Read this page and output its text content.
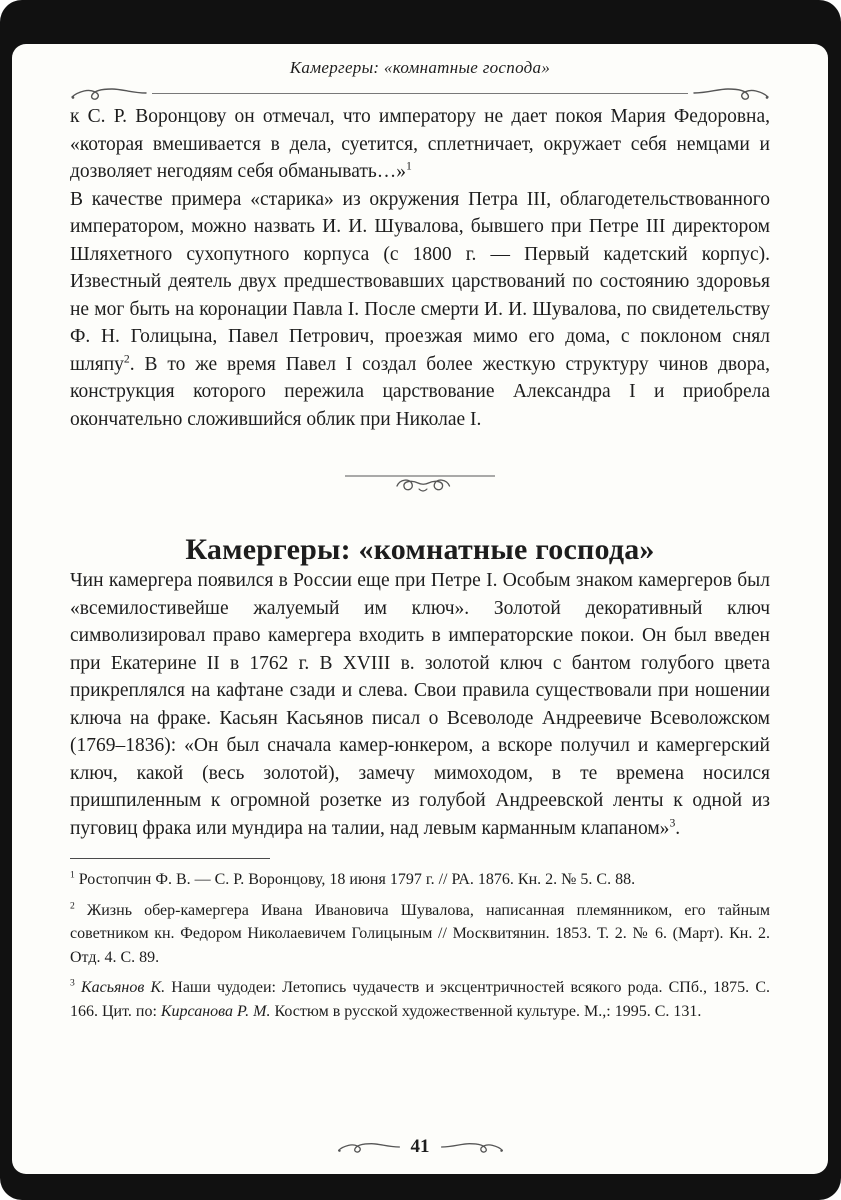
Камергеры: «комнатные господа»

к С. Р. Воронцову он отмечал, что императору не дает покоя Мария Федоровна, «которая вмешивается в дела, суетится, сплетничает, окружает себя немцами и дозволяет негодяям себя обманывать…»$^1$

В качестве примера «старика» из окружения Петра III, облагодетельствованного императором, можно назвать И. И. Шувалова, бывшего при Петре III директором Шляхетного сухопутного корпуса (с 1800 г. — Первый кадетский корпус). Известный деятель двух предшествовавших царствований по состоянию здоровья не мог быть на коронации Павла I. После смерти И. И. Шувалова, по свидетельству Ф. Н. Голицына, Павел Петрович, проезжая мимо его дома, с поклоном снял шляпу$^2$. В то же время Павел I создал более жесткую структуру чинов двора, конструкция которого пережила царствование Александра I и приобрела окончательно сложившийся облик при Николае I.

Камергеры: «комнатные господа»

Чин камергера появился в России еще при Петре I. Особым знаком камергеров был «всемилостивейше жалуемый им ключ». Золотой декоративный ключ символизировал право камергера входить в императорские покои. Он был введен при Екатерине II в 1762 г. В XVIII в. золотой ключ с бантом голубого цвета прикреплялся на кафтане сзади и слева. Свои правила существовали при ношении ключа на фраке. Касьян Касьянов писал о Всеволоде Андреевиче Всеволожском (1769–1836): «Он был сначала камер-юнкером, а вскоре получил и камергерский ключ, какой (весь золотой), замечу мимоходом, в те времена носился пришпиленным к огромной розетке из голубой Андреевской ленты к одной из пуговиц фрака или мундира на талии, над левым карманным клапаном»$^3$.

$^1$ Ростопчин Ф. В. — С. Р. Воронцову, 18 июня 1797 г. // РА. 1876. Кн. 2. № 5. С. 88.

$^2$ Жизнь обер-камергера Ивана Ивановича Шувалова, написанная племянником, его тайным советником кн. Федором Николаевичем Голицыным // Москвитянин. 1853. Т. 2. № 6. (Март). Кн. 2. Отд. 4. С. 89.

$^3$ Касьянов К. Наши чудодеи: Летопись чудачеств и эксцентричностей всякого рода. СПб., 1875. С. 166. Цит. по: Кирсанова Р. М. Костюм в русской художественной культуре. М.,: 1995. С. 131.

41
